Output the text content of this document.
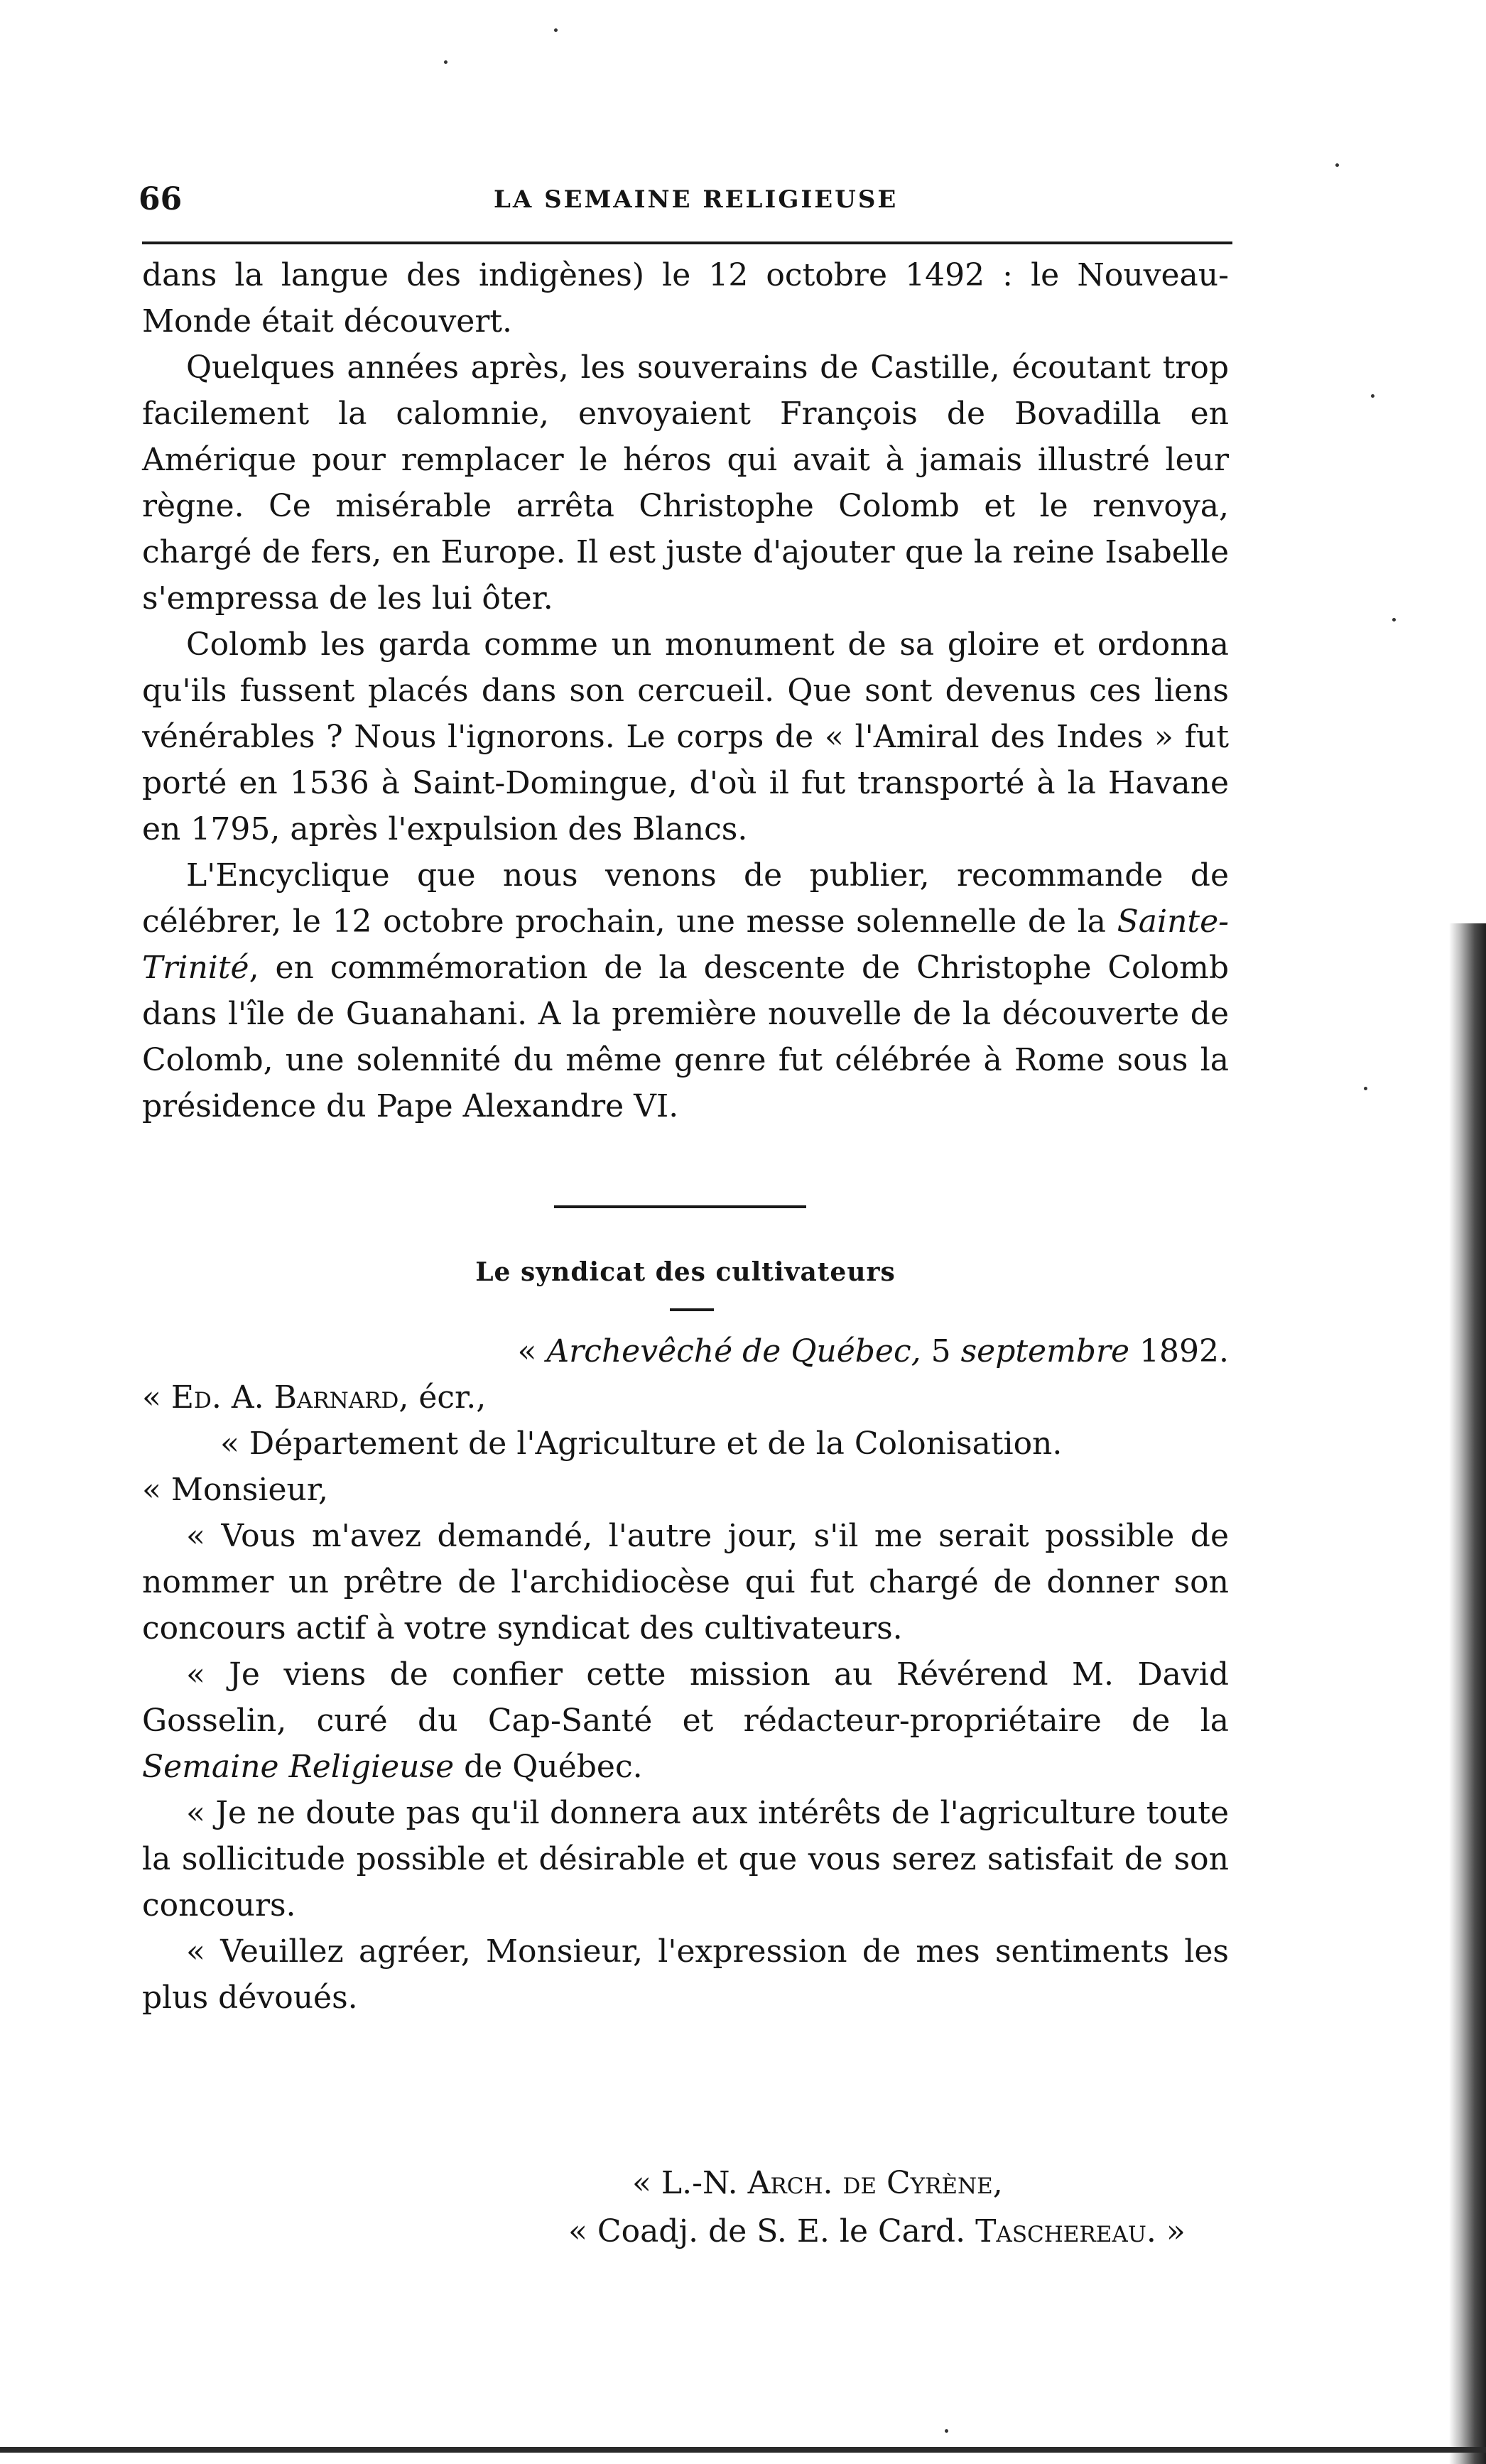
66	LA SEMAINE RELIGIEUSE

dans la langue des indigènes) le 12 octobre 1492 : le Nouveau-Monde était découvert.

Quelques années après, les souverains de Castille, écoutant trop facilement la calomnie, envoyaient François de Bovadilla en Amérique pour remplacer le héros qui avait à jamais illustré leur règne. Ce misérable arrêta Christophe Colomb et le renvoya, chargé de fers, en Europe. Il est juste d'ajouter que la reine Isabelle s'empressa de les lui ôter.

Colomb les garda comme un monument de sa gloire et ordonna qu'ils fussent placés dans son cercueil. Que sont devenus ces liens vénérables ? Nous l'ignorons. Le corps de « l'Amiral des Indes » fut porté en 1536 à Saint-Domingue, d'où il fut transporté à la Havane en 1795, après l'expulsion des Blancs.

L'Encyclique que nous venons de publier, recommande de célébrer, le 12 octobre prochain, une messe solennelle de la Sainte-Trinité, en commémoration de la descente de Christophe Colomb dans l'île de Guanahani. A la première nouvelle de la découverte de Colomb, une solennité du même genre fut célébrée à Rome sous la présidence du Pape Alexandre VI.

Le syndicat des cultivateurs

« Archevêché de Québec, 5 septembre 1892.

« Ed. A. Barnard, écr.,

« Département de l'Agriculture et de la Colonisation.

« Monsieur,

« Vous m'avez demandé, l'autre jour, s'il me serait possible de nommer un prêtre de l'archidiocèse qui fut chargé de donner son concours actif à votre syndicat des cultivateurs.

« Je viens de confier cette mission au Révérend M. David Gosselin, curé du Cap-Santé et rédacteur-propriétaire de la Semaine Religieuse de Québec.

« Je ne doute pas qu'il donnera aux intérêts de l'agriculture toute la sollicitude possible et désirable et que vous serez satisfait de son concours.

« Veuillez agréer, Monsieur, l'expression de mes sentiments les plus dévoués.

« L.-N. Arch. de Cyrène,

« Coadj. de S. E. le Card. Taschereau. »
